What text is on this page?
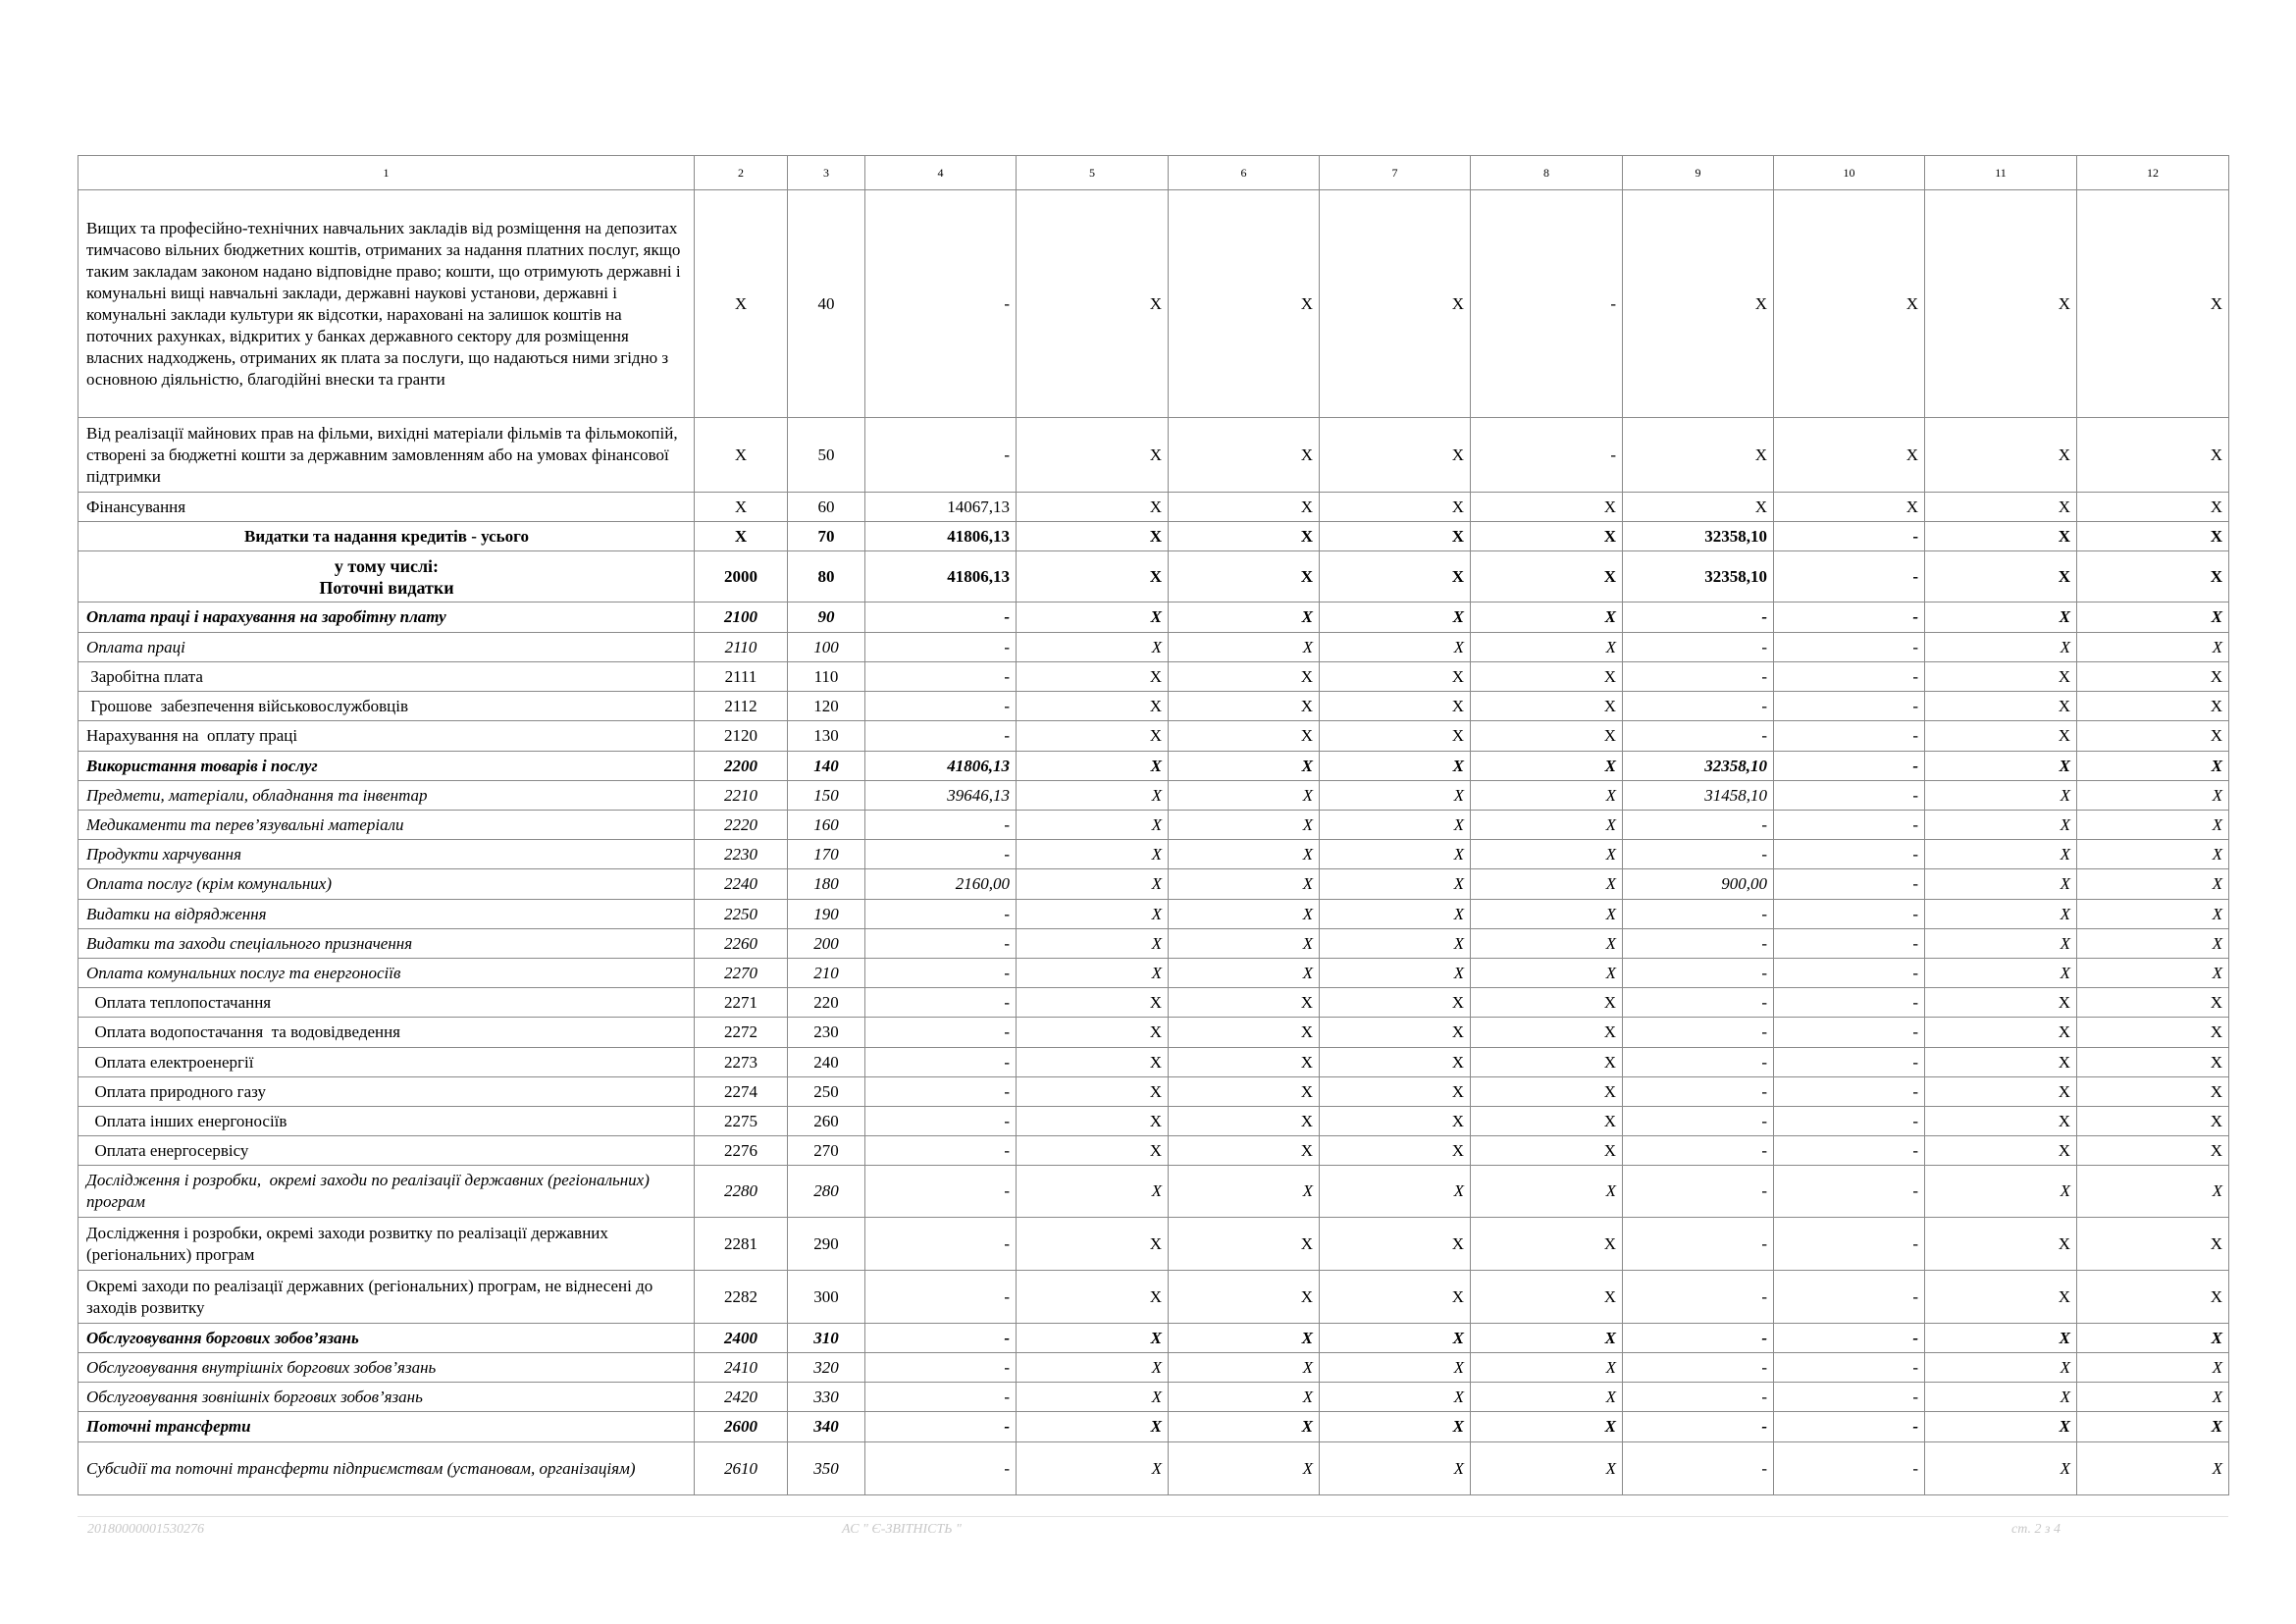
1	2	3	4	5	6	7	8	9	10	11	12
Вищих та професійно-технічних навчальних закладів від розміщення на депозитах тимчасово вільних бюджетних коштів, отриманих за надання платних послуг, якщо таким закладам законом надано відповідне право; кошти, що отримують державні і комунальні вищі навчальні заклади, державні наукові установи, державні і комунальні заклади культури як відсотки, нараховані на залишок коштів на поточних рахунках, відкритих у банках державного сектору для розміщення власних надходжень, отриманих як плата за послуги, що надаються ними згідно з основною діяльністю, благодійні внески та гранти	X	40	-	X	X	X	-	X	X	X	X
Від реалізації майнових прав на фільми, вихідні матеріали фільмів та фільмокопій, створені за бюджетні кошти за державним замовленням або на умовах фінансової підтримки	X	50	-	X	X	X	-	X	X	X	X
Фінансування	X	60	14067,13	X	X	X	X	X	X	X	X
Видатки та надання кредитів - усього	X	70	41806,13	X	X	X	X	32358,10	-	X	X
у тому числі:
Поточні видатки	2000	80	41806,13	X	X	X	X	32358,10	-	X	X
Оплата праці і нарахування на заробітну плату	2100	90	-	X	X	X	X	-	-	X	X
Оплата праці	2110	100	-	X	X	X	X	-	-	X	X
Заробітна плата	2111	110	-	X	X	X	X	-	-	X	X
Грошове  забезпечення військовослужбовців	2112	120	-	X	X	X	X	-	-	X	X
Нарахування на  оплату праці	2120	130	-	X	X	X	X	-	-	X	X
Використання товарів і послуг	2200	140	41806,13	X	X	X	X	32358,10	-	X	X
Предмети, матеріали, обладнання та інвентар	2210	150	39646,13	X	X	X	X	31458,10	-	X	X
Медикаменти та перев’язувальні матеріали	2220	160	-	X	X	X	X	-	-	X	X
Продукти харчування	2230	170	-	X	X	X	X	-	-	X	X
Оплата послуг (крім комунальних)	2240	180	2160,00	X	X	X	X	900,00	-	X	X
Видатки на відрядження	2250	190	-	X	X	X	X	-	-	X	X
Видатки та заходи спеціального призначення	2260	200	-	X	X	X	X	-	-	X	X
Оплата комунальних послуг та енергоносіїв	2270	210	-	X	X	X	X	-	-	X	X
Оплата теплопостачання	2271	220	-	X	X	X	X	-	-	X	X
Оплата водопостачання  та водовідведення	2272	230	-	X	X	X	X	-	-	X	X
Оплата електроенергії	2273	240	-	X	X	X	X	-	-	X	X
Оплата природного газу	2274	250	-	X	X	X	X	-	-	X	X
Оплата інших енергоносіїв	2275	260	-	X	X	X	X	-	-	X	X
Оплата енергосервісу	2276	270	-	X	X	X	X	-	-	X	X
Дослідження і розробки,  окремі заходи по реалізації державних (регіональних) програм	2280	280	-	X	X	X	X	-	-	X	X
Дослідження і розробки, окремі заходи розвитку по реалізації державних (регіональних) програм	2281	290	-	X	X	X	X	-	-	X	X
Окремі заходи по реалізації державних (регіональних) програм, не віднесені до заходів розвитку	2282	300	-	X	X	X	X	-	-	X	X
Обслуговування боргових зобов’язань	2400	310	-	X	X	X	X	-	-	X	X
Обслуговування внутрішніх боргових зобов’язань	2410	320	-	X	X	X	X	-	-	X	X
Обслуговування зовнішніх боргових зобов’язань	2420	330	-	X	X	X	X	-	-	X	X
Поточні трансферти	2600	340	-	X	X	X	X	-	-	X	X
Субсидії та поточні трансферти підприємствам (установам, організаціям)	2610	350	-	X	X	X	X	-	-	X	X
20180000001530276	АС " Є-ЗВІТНІСТЬ "	ст. 2 з 4
